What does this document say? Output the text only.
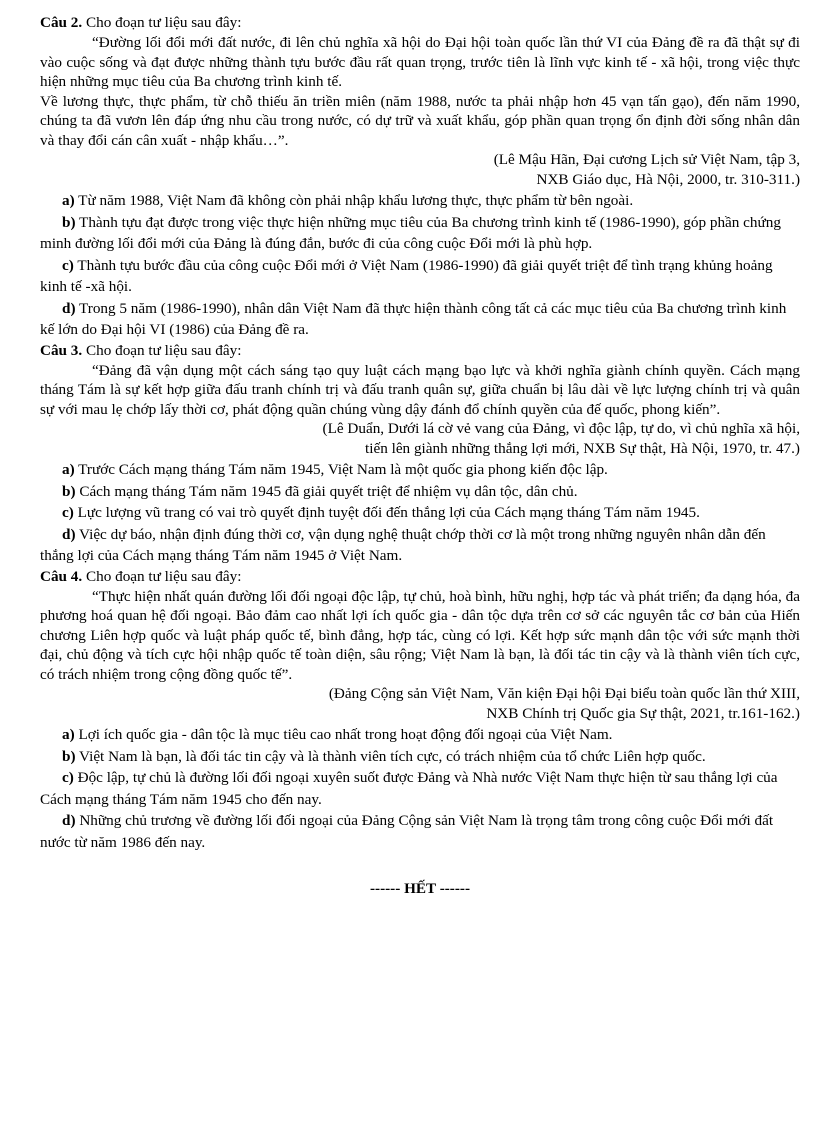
Câu 2. Cho đoạn tư liệu sau đây:
“Đường lối đổi mới đất nước, đi lên chủ nghĩa xã hội do Đại hội toàn quốc lần thứ VI của Đảng đề ra đã thật sự đi vào cuộc sống và đạt được những thành tựu bước đầu rất quan trọng, trước tiên là lĩnh vực kinh tế - xã hội, trong việc thực hiện những mục tiêu của Ba chương trình kinh tế.
Về lương thực, thực phẩm, từ chỗ thiếu ăn triền miên (năm 1988, nước ta phải nhập hơn 45 vạn tấn gạo), đến năm 1990, chúng ta đã vươn lên đáp ứng nhu cầu trong nước, có dự trữ và xuất khẩu, góp phần quan trọng ổn định đời sống nhân dân và thay đổi cán cân xuất - nhập khẩu…”.
(Lê Mậu Hãn, Đại cương Lịch sử Việt Nam, tập 3,
NXB Giáo dục, Hà Nội, 2000, tr. 310-311.)
a) Từ năm 1988, Việt Nam đã không còn phải nhập khẩu lương thực, thực phẩm từ bên ngoài.
b) Thành tựu đạt được trong việc thực hiện những mục tiêu của Ba chương trình kinh tế (1986-1990), góp phần chứng minh đường lối đổi mới của Đảng là đúng đắn, bước đi của công cuộc Đổi mới là phù hợp.
c) Thành tựu bước đầu của công cuộc Đổi mới ở Việt Nam (1986-1990) đã giải quyết triệt để tình trạng khủng hoảng kinh tế -xã hội.
d) Trong 5 năm (1986-1990), nhân dân Việt Nam đã thực hiện thành công tất cả các mục tiêu của Ba chương trình kinh kế lớn do Đại hội VI (1986) của Đảng đề ra.
Câu 3. Cho đoạn tư liệu sau đây:
“Đảng đã vận dụng một cách sáng tạo quy luật cách mạng bạo lực và khởi nghĩa giành chính quyền. Cách mạng tháng Tám là sự kết hợp giữa đấu tranh chính trị và đấu tranh quân sự, giữa chuẩn bị lâu dài về lực lượng chính trị và quân sự với mau lẹ chớp lấy thời cơ, phát động quần chúng vùng dậy đánh đổ chính quyền của đế quốc, phong kiến”.
(Lê Duẩn, Dưới lá cờ vẻ vang của Đảng, vì độc lập, tự do, vì chủ nghĩa xã hội,
tiến lên giành những thắng lợi mới, NXB Sự thật, Hà Nội, 1970, tr. 47.)
a) Trước Cách mạng tháng Tám năm 1945, Việt Nam là một quốc gia phong kiến độc lập.
b) Cách mạng tháng Tám năm 1945 đã giải quyết triệt để nhiệm vụ dân tộc, dân chủ.
c) Lực lượng vũ trang có vai trò quyết định tuyệt đối đến thắng lợi của Cách mạng tháng Tám năm 1945.
d) Việc dự báo, nhận định đúng thời cơ, vận dụng nghệ thuật chớp thời cơ là một trong những nguyên nhân dẫn đến thắng lợi của Cách mạng tháng Tám năm 1945 ở Việt Nam.
Câu 4. Cho đoạn tư liệu sau đây:
“Thực hiện nhất quán đường lối đối ngoại độc lập, tự chủ, hoà bình, hữu nghị, hợp tác và phát triển; đa dạng hóa, đa phương hoá quan hệ đối ngoại. Bảo đảm cao nhất lợi ích quốc gia - dân tộc dựa trên cơ sở các nguyên tắc cơ bản của Hiến chương Liên hợp quốc và luật pháp quốc tế, bình đẳng, hợp tác, cùng có lợi. Kết hợp sức mạnh dân tộc với sức mạnh thời đại, chủ động và tích cực hội nhập quốc tế toàn diện, sâu rộng; Việt Nam là bạn, là đối tác tin cậy và là thành viên tích cực, có trách nhiệm trong cộng đồng quốc tế”.
(Đảng Cộng sản Việt Nam, Văn kiện Đại hội Đại biểu toàn quốc lần thứ XIII,
NXB Chính trị Quốc gia Sự thật, 2021, tr.161-162.)
a) Lợi ích quốc gia - dân tộc là mục tiêu cao nhất trong hoạt động đối ngoại của Việt Nam.
b) Việt Nam là bạn, là đối tác tin cậy và là thành viên tích cực, có trách nhiệm của tổ chức Liên hợp quốc.
c) Độc lập, tự chủ là đường lối đối ngoại xuyên suốt được Đảng và Nhà nước Việt Nam thực hiện từ sau thắng lợi của Cách mạng tháng Tám năm 1945 cho đến nay.
d) Những chủ trương về đường lối đối ngoại của Đảng Cộng sản Việt Nam là trọng tâm trong công cuộc Đổi mới đất nước từ năm 1986 đến nay.
------ HẾT ------
